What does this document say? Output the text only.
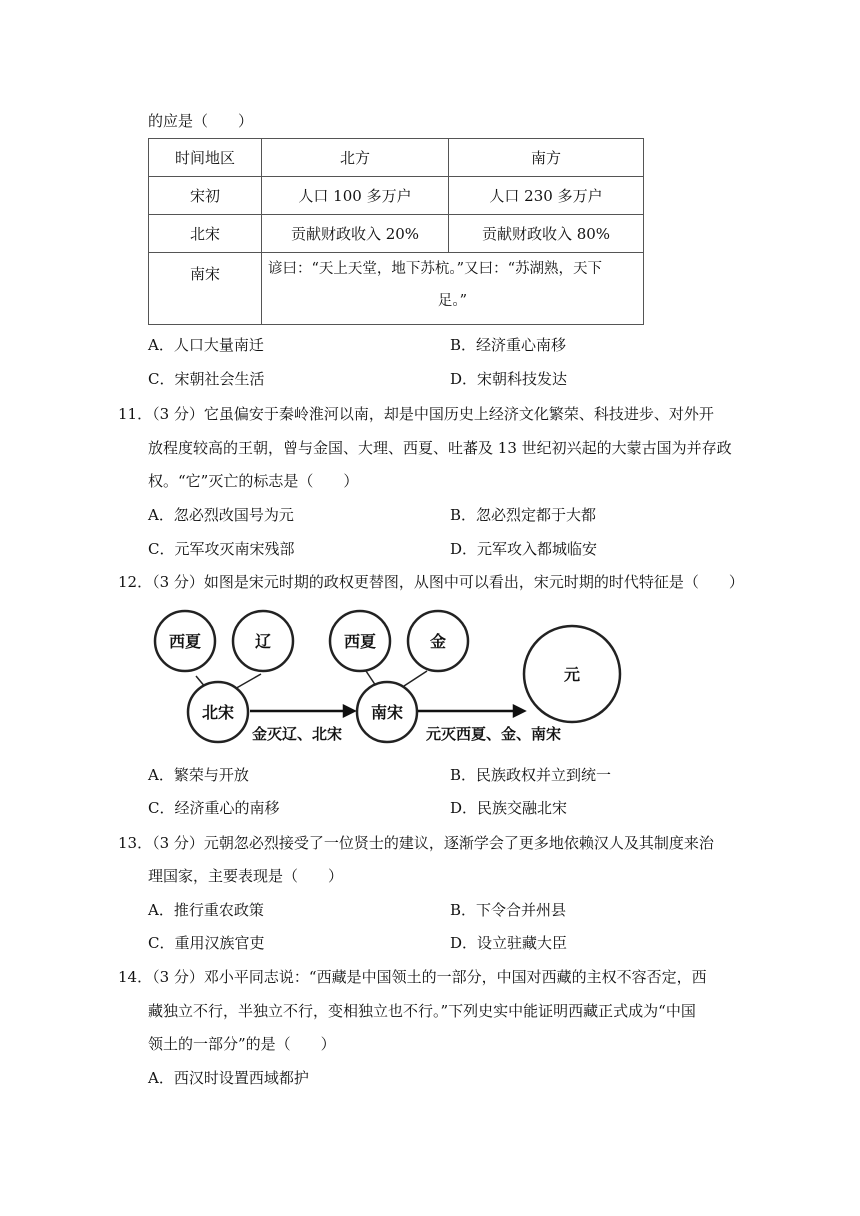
的应是（　　）
时间地区	北方	南方
宋初	人口 100 多万户	人口 230 多万户
北宋	贡献财政收入 20%	贡献财政收入 80%
南宋	谚曰：“天上天堂，地下苏杭。”又曰：“苏湖熟，天下
足。”	
A．人口大量南迁	B．经济重心南移
C．宋朝社会生活	D．宋朝科技发达
11．（3 分）它虽偏安于秦岭淮河以南，却是中国历史上经济文化繁荣、科技进步、对外开
放程度较高的王朝，曾与金国、大理、西夏、吐蕃及 13 世纪初兴起的大蒙古国为并存政
权。“它”灭亡的标志是（　　）
A．忽必烈改国号为元	B．忽必烈定都于大都
C．元军攻灭南宋残部	D．元军攻入都城临安
12．（3 分）如图是宋元时期的政权更替图，从图中可以看出，宋元时期的时代特征是（　　）
西夏	辽
北宋
西夏	金
南宋
元
金灭辽、北宋	元灭西夏、金、南宋
A．繁荣与开放	B．民族政权并立到统一
C．经济重心的南移	D．民族交融北宋
13．（3 分）元朝忽必烈接受了一位贤士的建议，逐渐学会了更多地依赖汉人及其制度来治
理国家，主要表现是（　　）
A．推行重农政策	B．下令合并州县
C．重用汉族官吏	D．设立驻藏大臣
14．（3 分）邓小平同志说：“西藏是中国领土的一部分，中国对西藏的主权不容否定，西
藏独立不行，半独立不行，变相独立也不行。”下列史实中能证明西藏正式成为“中国
领土的一部分”的是（　　）
A．西汉时设置西域都护
